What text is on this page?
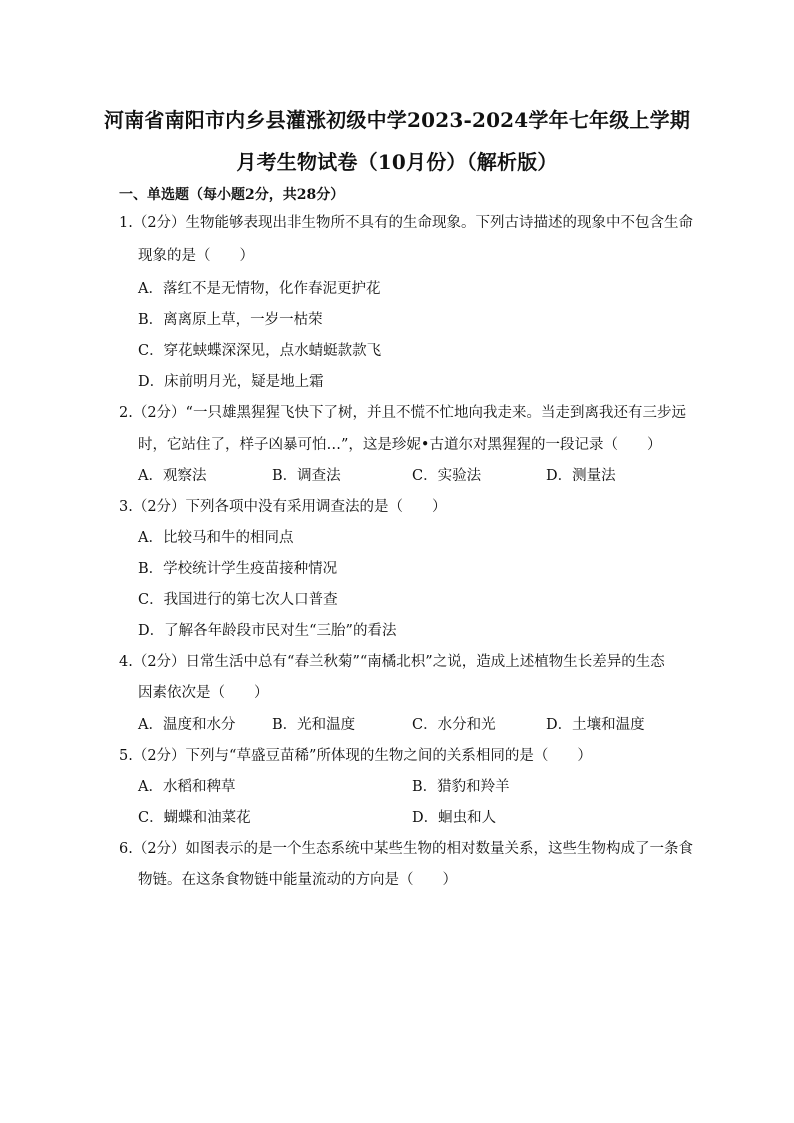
河南省南阳市内乡县灌涨初级中学2023-2024学年七年级上学期
月考生物试卷（10月份）（解析版）
一、单选题（每小题2分，共28分）
1.（2分）生物能够表现出非生物所不具有的生命现象。下列古诗描述的现象中不包含生命
现象的是（　　）
A．落红不是无情物，化作春泥更护花
B．离离原上草，一岁一枯荣
C．穿花蛱蝶深深见，点水蜻蜓款款飞
D．床前明月光，疑是地上霜
2.（2分）“一只雄黑猩猩飞快下了树，并且不慌不忙地向我走来。当走到离我还有三步远
时，它站住了，样子凶暴可怕…”，这是珍妮•古道尔对黑猩猩的一段记录（　　）
A．观察法	B．调查法	C．实验法	D．测量法
3.（2分）下列各项中没有采用调查法的是（　　）
A．比较马和牛的相同点
B．学校统计学生疫苗接种情况
C．我国进行的第七次人口普查
D．了解各年龄段市民对生“三胎”的看法
4.（2分）日常生活中总有“春兰秋菊”“南橘北枳”之说，造成上述植物生长差异的生态
因素依次是（　　）
A．温度和水分	B．光和温度	C．水分和光	D．土壤和温度
5.（2分）下列与“草盛豆苗稀”所体现的生物之间的关系相同的是（　　）
A．水稻和稗草	B．猎豹和羚羊
C．蝴蝶和油菜花	D．蛔虫和人
6.（2分）如图表示的是一个生态系统中某些生物的相对数量关系，这些生物构成了一条食
物链。在这条食物链中能量流动的方向是（　　）
